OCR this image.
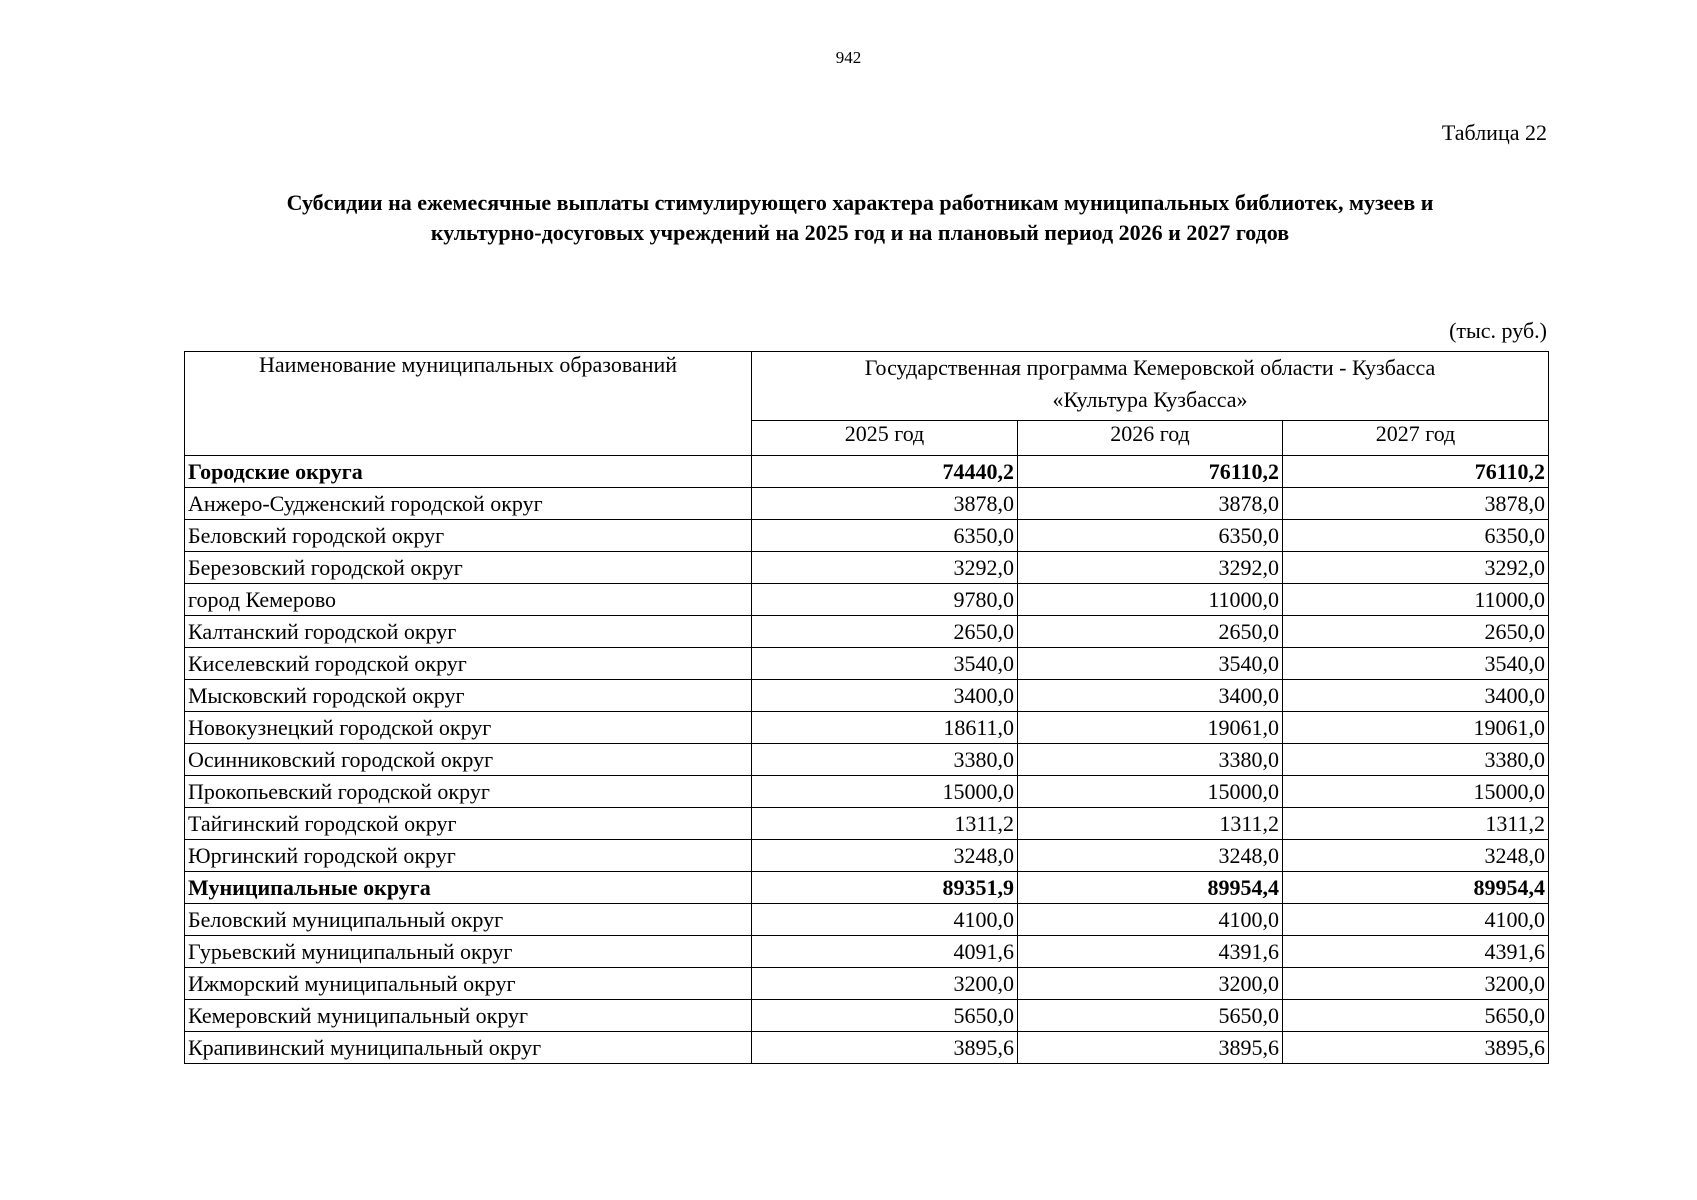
942
Таблица 22
Субсидии на ежемесячные выплаты стимулирующего характера работникам муниципальных библиотек, музеев и
культурно-досуговых учреждений на 2025 год и на плановый период 2026 и 2027 годов
(тыс. руб.)
Наименование муниципальных образований	Государственная программа Кемеровской области - Кузбасса
«Культура Кузбасса»		

	2025 год	2026 год	2027 год
Городские округа	74440,2	76110,2	76110,2
Анжеро-Судженский городской округ	3878,0	3878,0	3878,0
Беловский городской округ	6350,0	6350,0	6350,0
Березовский городской округ	3292,0	3292,0	3292,0
город Кемерово	9780,0	11000,0	11000,0
Калтанский городской округ	2650,0	2650,0	2650,0
Киселевский городской округ	3540,0	3540,0	3540,0
Мысковский городской округ	3400,0	3400,0	3400,0
Новокузнецкий городской округ	18611,0	19061,0	19061,0
Осинниковский городской округ	3380,0	3380,0	3380,0
Прокопьевский городской округ	15000,0	15000,0	15000,0
Тайгинский городской округ	1311,2	1311,2	1311,2
Юргинский городской округ	3248,0	3248,0	3248,0
Муниципальные округа	89351,9	89954,4	89954,4
Беловский муниципальный округ	4100,0	4100,0	4100,0
Гурьевский муниципальный округ	4091,6	4391,6	4391,6
Ижморский муниципальный округ	3200,0	3200,0	3200,0
Кемеровский муниципальный округ	5650,0	5650,0	5650,0
Крапивинский муниципальный округ	3895,6	3895,6	3895,6
